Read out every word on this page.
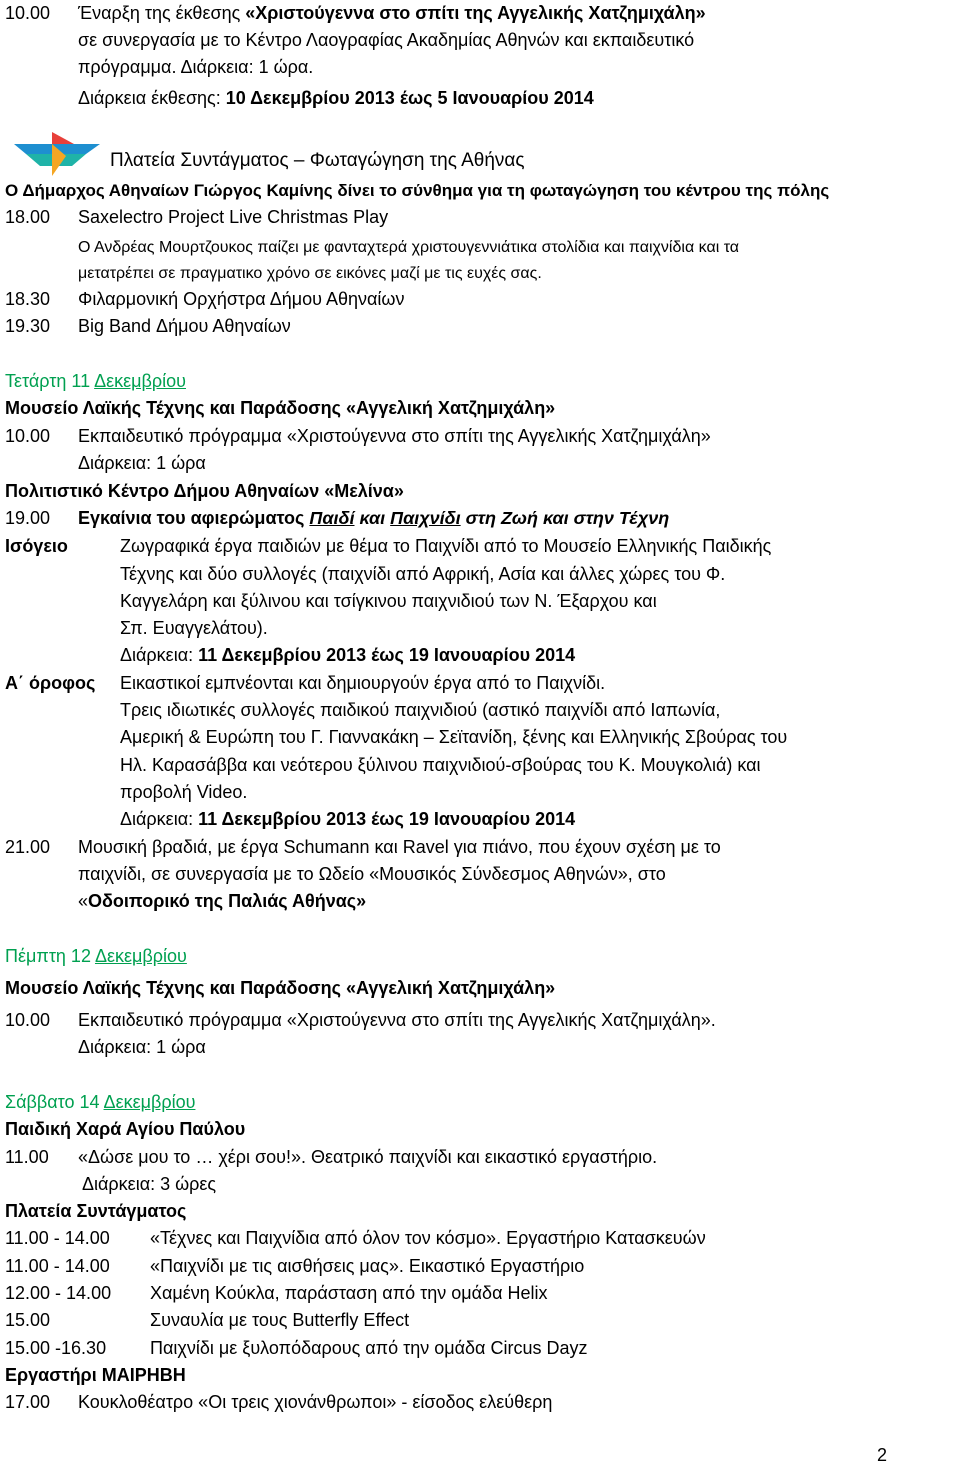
10.00 Έναρξη της έκθεσης «Χριστούγεννα στο σπίτι της Αγγελικής Χατζημιχάλη»
σε συνεργασία με το Κέντρο Λαογραφίας Ακαδημίας Αθηνών και εκπαιδευτικό
πρόγραμμα. Διάρκεια: 1 ώρα.
Διάρκεια έκθεσης: 10 Δεκεμβρίου 2013 έως 5 Ιανουαρίου 2014
Πλατεία Συντάγματος – Φωταγώγηση της Αθήνας
Ο Δήμαρχος Αθηναίων Γιώργος Καμίνης δίνει το σύνθημα για τη φωταγώγηση του κέντρου της πόλης
18.00 Saxelectro Project Live Christmas Play
Ο Ανδρέας Μουρτζουκος παίζει με φανταχτερά χριστουγεννιάτικα στολίδια και παιχνίδια και τα
μετατρέπει σε πραγματικο χρόνο σε εικόνες μαζί με τις ευχές σας.
18.30 Φιλαρμονική Ορχήστρα Δήμου Αθηναίων
19.30 Big Band Δήμου Αθηναίων
Τετάρτη 11 Δεκεμβρίου
Μουσείο Λαϊκής Τέχνης και Παράδοσης «Αγγελική Χατζημιχάλη»
10.00 Εκπαιδευτικό πρόγραμμα «Χριστούγεννα στο σπίτι της Αγγελικής Χατζημιχάλη»
Διάρκεια: 1 ώρα
Πολιτιστικό Κέντρο Δήμου Αθηναίων «Μελίνα»
19.00 Εγκαίνια του αφιερώματος Παιδί και Παιχνίδι στη Ζωή και στην Τέχνη
Ισόγειο	Ζωγραφικά έργα παιδιών με θέμα το Παιχνίδι από το Μουσείο Ελληνικής Παιδικής
Τέχνης και δύο συλλογές (παιχνίδι από Αφρική, Ασία και άλλες χώρες του Φ.
Καγγελάρη και ξύλινου και τσίγκινου παιχνιδιού των Ν. Έξαρχου και
Σπ. Ευαγγελάτου).
Διάρκεια: 11 Δεκεμβρίου 2013 έως 19 Ιανουαρίου 2014
Α΄ όροφος Εικαστικοί εμπνέονται και δημιουργούν έργα από το Παιχνίδι.
Τρεις ιδιωτικές συλλογές παιδικού παιχνιδιού (αστικό παιχνίδι από Ιαπωνία,
Αμερική & Ευρώπη του Γ. Γιαννακάκη – Σεϊτανίδη, ξένης και Ελληνικής Σβούρας του
Ηλ. Καρασάββα και νεότερου ξύλινου παιχνιδιού-σβούρας του Κ. Μουγκολιά) και
προβολή Video.
Διάρκεια: 11 Δεκεμβρίου 2013 έως 19 Ιανουαρίου 2014
21.00 Μουσική βραδιά, με έργα Schumann και Ravel για πιάνο, που έχουν σχέση με το
παιχνίδι, σε συνεργασία με το Ωδείο «Μουσικός Σύνδεσμος Αθηνών», στο
«Οδοιπορικό της Παλιάς Αθήνας»
Πέμπτη 12 Δεκεμβρίου
Μουσείο Λαϊκής Τέχνης και Παράδοσης «Αγγελική Χατζημιχάλη»
10.00 Εκπαιδευτικό πρόγραμμα «Χριστούγεννα στο σπίτι της Αγγελικής Χατζημιχάλη».
Διάρκεια: 1 ώρα
Σάββατο 14 Δεκεμβρίου
Παιδική Χαρά Αγίου Παύλου
11.00 «Δώσε μου το … χέρι σου!». Θεατρικό παιχνίδι και εικαστικό εργαστήριο.
Διάρκεια: 3 ώρες
Πλατεία Συντάγματος
11.00 - 14.00 «Τέχνες και Παιχνίδια από όλον τον κόσμο». Εργαστήριο Κατασκευών
11.00 - 14.00 «Παιχνίδι με τις αισθήσεις μας». Εικαστικό Εργαστήριο
12.00 - 14.00 Χαμένη Κούκλα, παράσταση από την ομάδα Helix
15.00	Συναυλία με τους Butterfly Effect
15.00 -16.30 Παιχνίδι με ξυλοπόδαρους από την ομάδα Circus Dayz
Εργαστήρι ΜΑΙΡΗΒΗ
17.00 Κουκλοθέατρο «Οι τρεις χιονάνθρωποι» - είσοδος ελεύθερη
2
